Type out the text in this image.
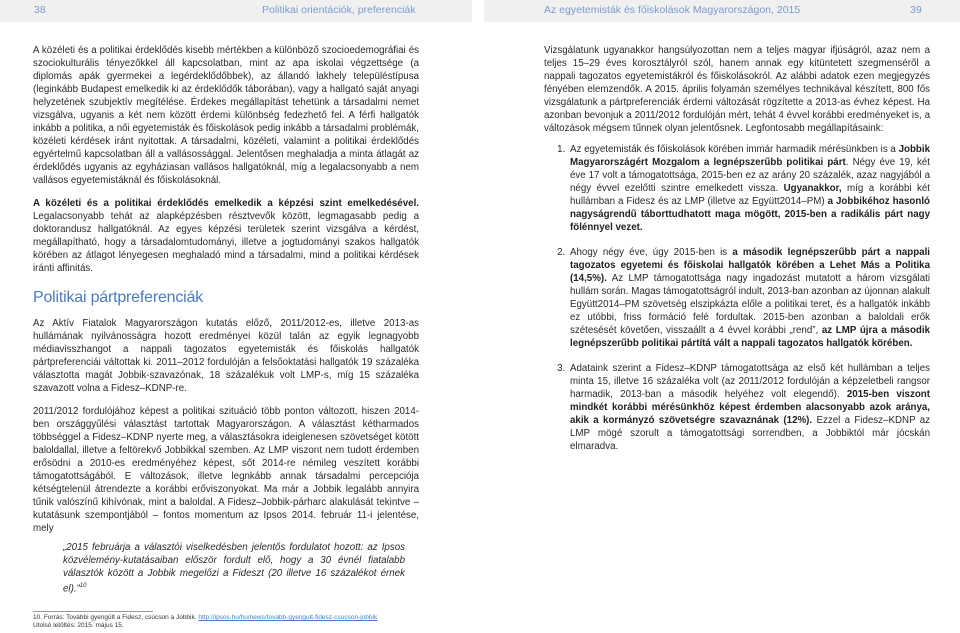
38	Politikai orientációk, preferenciák	Az egyetemisták és főiskolások Magyarországon, 2015	39

A közéleti és a politikai érdeklődés kisebb mértékben a különböző szocioedemográfiai és szociokulturális tényezőkkel áll kapcsolatban, mint az apa iskolai végzettsége (a diplomás apák gyermekei a legérdeklődőbbek), az állandó lakhely településtípusa (leginkább Budapest emelkedik ki az érdeklődők táborában), vagy a hallgató saját anyagi helyzetének szubjektív megítélése. Érdekes megállapítást tehetünk a társadalmi nemet vizsgálva, ugyanis a két nem között érdemi különbség fedezhető fel. A férfi hallgatók inkább a politika, a női egyetemisták és főiskolások pedig inkább a társadalmi problémák, közéleti kérdések iránt nyitottak. A társadalmi, közéleti, valamint a politikai érdeklődés egyértelmű kapcsolatban áll a vallásossággal. Jelentősen meghaladja a minta átlagát az érdeklődés ugyanis az egyháziasan vallásos hallgatóknál, míg a legalacsonyabb a nem vallásos egyetemistáknál és főiskolásoknál.

A közéleti és a politikai érdeklődés emelkedik a képzési szint emelkedésével. Legalacsonyabb tehát az alapképzésben résztvevők között, legmagasabb pedig a doktorandusz hallgatóknál. Az egyes képzési területek szerint vizsgálva a kérdést, megállapítható, hogy a társadalomtudományi, illetve a jogtudományi szakos hallgatók körében az átlagot lényegesen meghaladó mind a társadalmi, mind a politikai kérdések iránti affinitás.

Politikai pártpreferenciák

Az Aktív Fiatalok Magyarországon kutatás előző, 2011/2012-es, illetve 2013-as hullámának nyilvánosságra hozott eredményei közül talán az egyik legnagyobb médiavisszhangot a nappali tagozatos egyetemisták és főiskolás hallgatók pártpreferenciái váltottak ki. 2011–2012 fordulóján a felsőoktatási hallgatók 19 százaléka választotta magát Jobbik-szavazónak, 18 százalékuk volt LMP-s, míg 15 százaléka szavazott volna a Fidesz–KDNP-re.

2011/2012 fordulójához képest a politikai szituáció több ponton változott, hiszen 2014-ben országgyűlési választást tartottak Magyarországon. A választást kétharmados többséggel a Fidesz–KDNP nyerte meg, a választásokra ideiglenesen szövetséget kötött baloldallal, illetve a feltörekvő Jobbikkal szemben. Az LMP viszont nem tudott érdemben erősödni a 2010-es eredményéhez képest, sőt 2014-re némileg veszített korábbi támogatottságából. E változások, illetve legnkább annak társadalmi percepciója kétségtelenül átrendezte a korábbi erőviszonyokat. Ma már a Jobbik legalább annyira tűnik valószínű kihívónak, mint a baloldal. A Fidesz–Jobbik-párharc alakulását tekintve – kutatásunk szempontjából – fontos momentum az Ipsos 2014. február 11-i jelentése, mely

„2015 februárja a választói viselkedésben jelentős fordulatot hozott: az Ipsos közvélemény-kutatásaiban először fordult elő, hogy a 30 évnél fiatalabb választók között a Jobbik megelőzi a Fideszt (20 illetve 16 százalékot érnek el).”$^{10}$

Vizsgálatunk ugyanakkor hangsúlyozottan nem a teljes magyar ifjúságról, azaz nem a teljes 15–29 éves korosztályról szól, hanem annak egy kitüntetett szegmenséről a nappali tagozatos egyetemistákról és főiskolásokról. Az alábbi adatok ezen megjegyzés fényében elemzendők. A 2015. április folyamán személyes technikával készített, 800 fős vizsgálatunk a pártpreferenciák érdemi változását rögzítette a 2013-as évhez képest. Ha azonban bevonjuk a 2011/2012 fordulóján mért, tehát 4 évvel korábbi eredményeket is, a változások mégsem tűnnek olyan jelentősnek. Legfontosabb megállapításaink:

1. Az egyetemisták és főiskolások körében immár harmadik mérésünkben is a Jobbik Magyarországért Mozgalom a legnépszerűbb politikai párt. Négy éve 19, két éve 17 volt a támogatottsága, 2015-ben ez az arány 20 százalék, azaz nagyjából a négy évvel ezelőtti szintre emelkedett vissza. Ugyanakkor, míg a korábbi két hullámban a Fidesz és az LMP (illetve az Együtt2014–PM) a Jobbikéhoz hasonló nagyságrendű táborttudhatott maga mögött, 2015-ben a radikális párt nagy fölénnyel vezet.
2. Ahogy négy éve, úgy 2015-ben is a második legnépszerűbb párt a nappali tagozatos egyetemi és főiskolai hallgatók körében a Lehet Más a Politika (14,5%). Az LMP támogatottsága nagy ingadozást mutatott a három vizsgálati hullám során. Magas támogatottságról indult, 2013-ban azonban az újonnan alakult Együtt2014–PM szövetség elszipkázta előle a politikai teret, és a hallgatók inkább ez utóbbi, friss formáció felé fordultak. 2015-ben azonban a baloldali erők szétesését követően, visszaállt a 4 évvel korábbi „rend”, az LMP újra a második legnépszerűbb politikai pártítá vált a nappali tagozatos hallgatók körében.
3. Adataink szerint a Fidesz–KDNP támogatottsága az első két hullámban a teljes minta 15, illetve 16 százaléka volt (az 2011/2012 fordulóján a képzeletbeli rangsor harmadik, 2013-ban a második helyéhez volt elegendő). 2015-ben viszont mindkét korábbi mérésünkhöz képest érdemben alacsonyabb azok aránya, akik a kormányzó szövetségre szavaznának (12%). Ezzel a Fidesz–KDNP az LMP mögé szorult a támogatottsági sorrendben, a Jobbiktól már jócskán elmaradva.
10. Forrás: További gyengült a Fidesz, csúcson a Jobbik. http://ipsos.hu/hu/news/tovabb-gyengult-fidesz-csucson-jobbik
Utolsó letöltés: 2015. május 15.
